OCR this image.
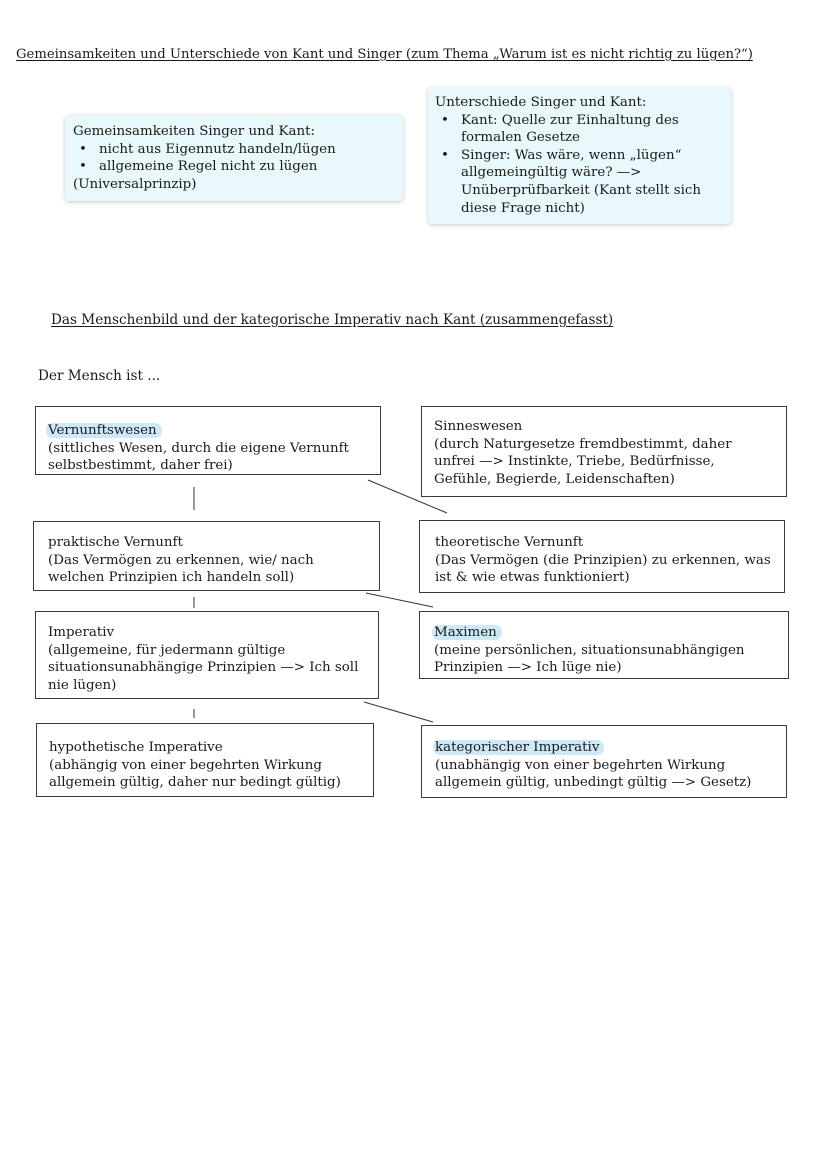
Gemeinsamkeiten und Unterschiede von Kant und Singer (zum Thema „Warum ist es nicht richtig zu lügen?“)
Gemeinsamkeiten Singer und Kant:
• nicht aus Eigennutz handeln/lügen
• allgemeine Regel nicht zu lügen
(Universalprinzip)
Unterschiede Singer und Kant:
• Kant: Quelle zur Einhaltung des formalen Gesetze
• Singer: Was wäre, wenn „lügen“ allgemeingültig wäre? —> Unüberprüfbarkeit (Kant stellt sich diese Frage nicht)
Das Menschenbild und der kategorische Imperativ nach Kant (zusammengefasst)
Der Mensch ist ...
Vernunftswesen
(sittliches Wesen, durch die eigene Vernunft selbstbestimmt, daher frei)
Sinneswesen
(durch Naturgesetze fremdbestimmt, daher unfrei —> Instinkte, Triebe, Bedürfnisse, Gefühle, Begierde, Leidenschaften)
praktische Vernunft
(Das Vermögen zu erkennen, wie/ nach welchen Prinzipien ich handeln soll)
theoretische Vernunft
(Das Vermögen (die Prinzipien) zu erkennen, was ist & wie etwas funktioniert)
Imperativ
(allgemeine, für jedermann gültige situationsunabhängige Prinzipien —> Ich soll nie lügen)
Maximen
(meine persönlichen, situationsunabhängigen Prinzipien —> Ich lüge nie)
hypothetische Imperative
(abhängig von einer begehrten Wirkung allgemein gültig, daher nur bedingt gültig)
kategorischer Imperativ
(unabhängig von einer begehrten Wirkung allgemein gültig, unbedingt gültig —> Gesetz)
